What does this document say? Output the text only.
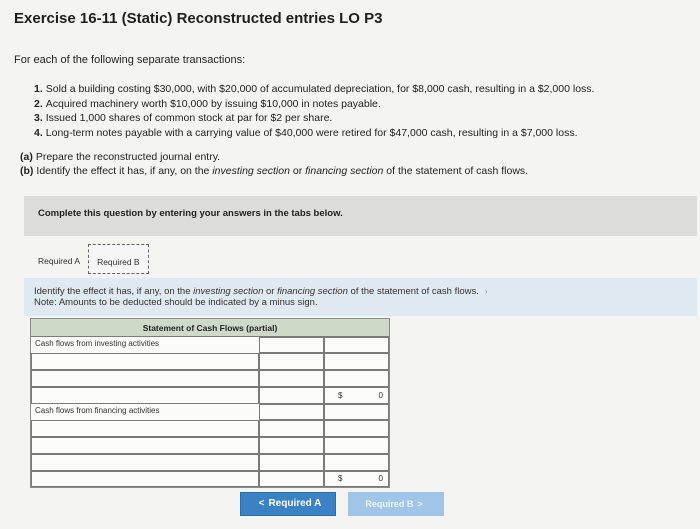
Exercise 16-11 (Static) Reconstructed entries LO P3
For each of the following separate transactions:
1. Sold a building costing $30,000, with $20,000 of accumulated depreciation, for $8,000 cash, resulting in a $2,000 loss.
2. Acquired machinery worth $10,000 by issuing $10,000 in notes payable.
3. Issued 1,000 shares of common stock at par for $2 per share.
4. Long-term notes payable with a carrying value of $40,000 were retired for $47,000 cash, resulting in a $7,000 loss.
(a) Prepare the reconstructed journal entry.
(b) Identify the effect it has, if any, on the investing section or financing section of the statement of cash flows.
Complete this question by entering your answers in the tabs below.
Required A	Required B
Identify the effect it has, if any, on the investing section or financing section of the statement of cash flows. ›
Note: Amounts to be deducted should be indicated by a minus sign.
Statement of Cash Flows (partial)
Cash flows from investing activities
$	0
Cash flows from financing activities
$	0
< Required A	Required B >
